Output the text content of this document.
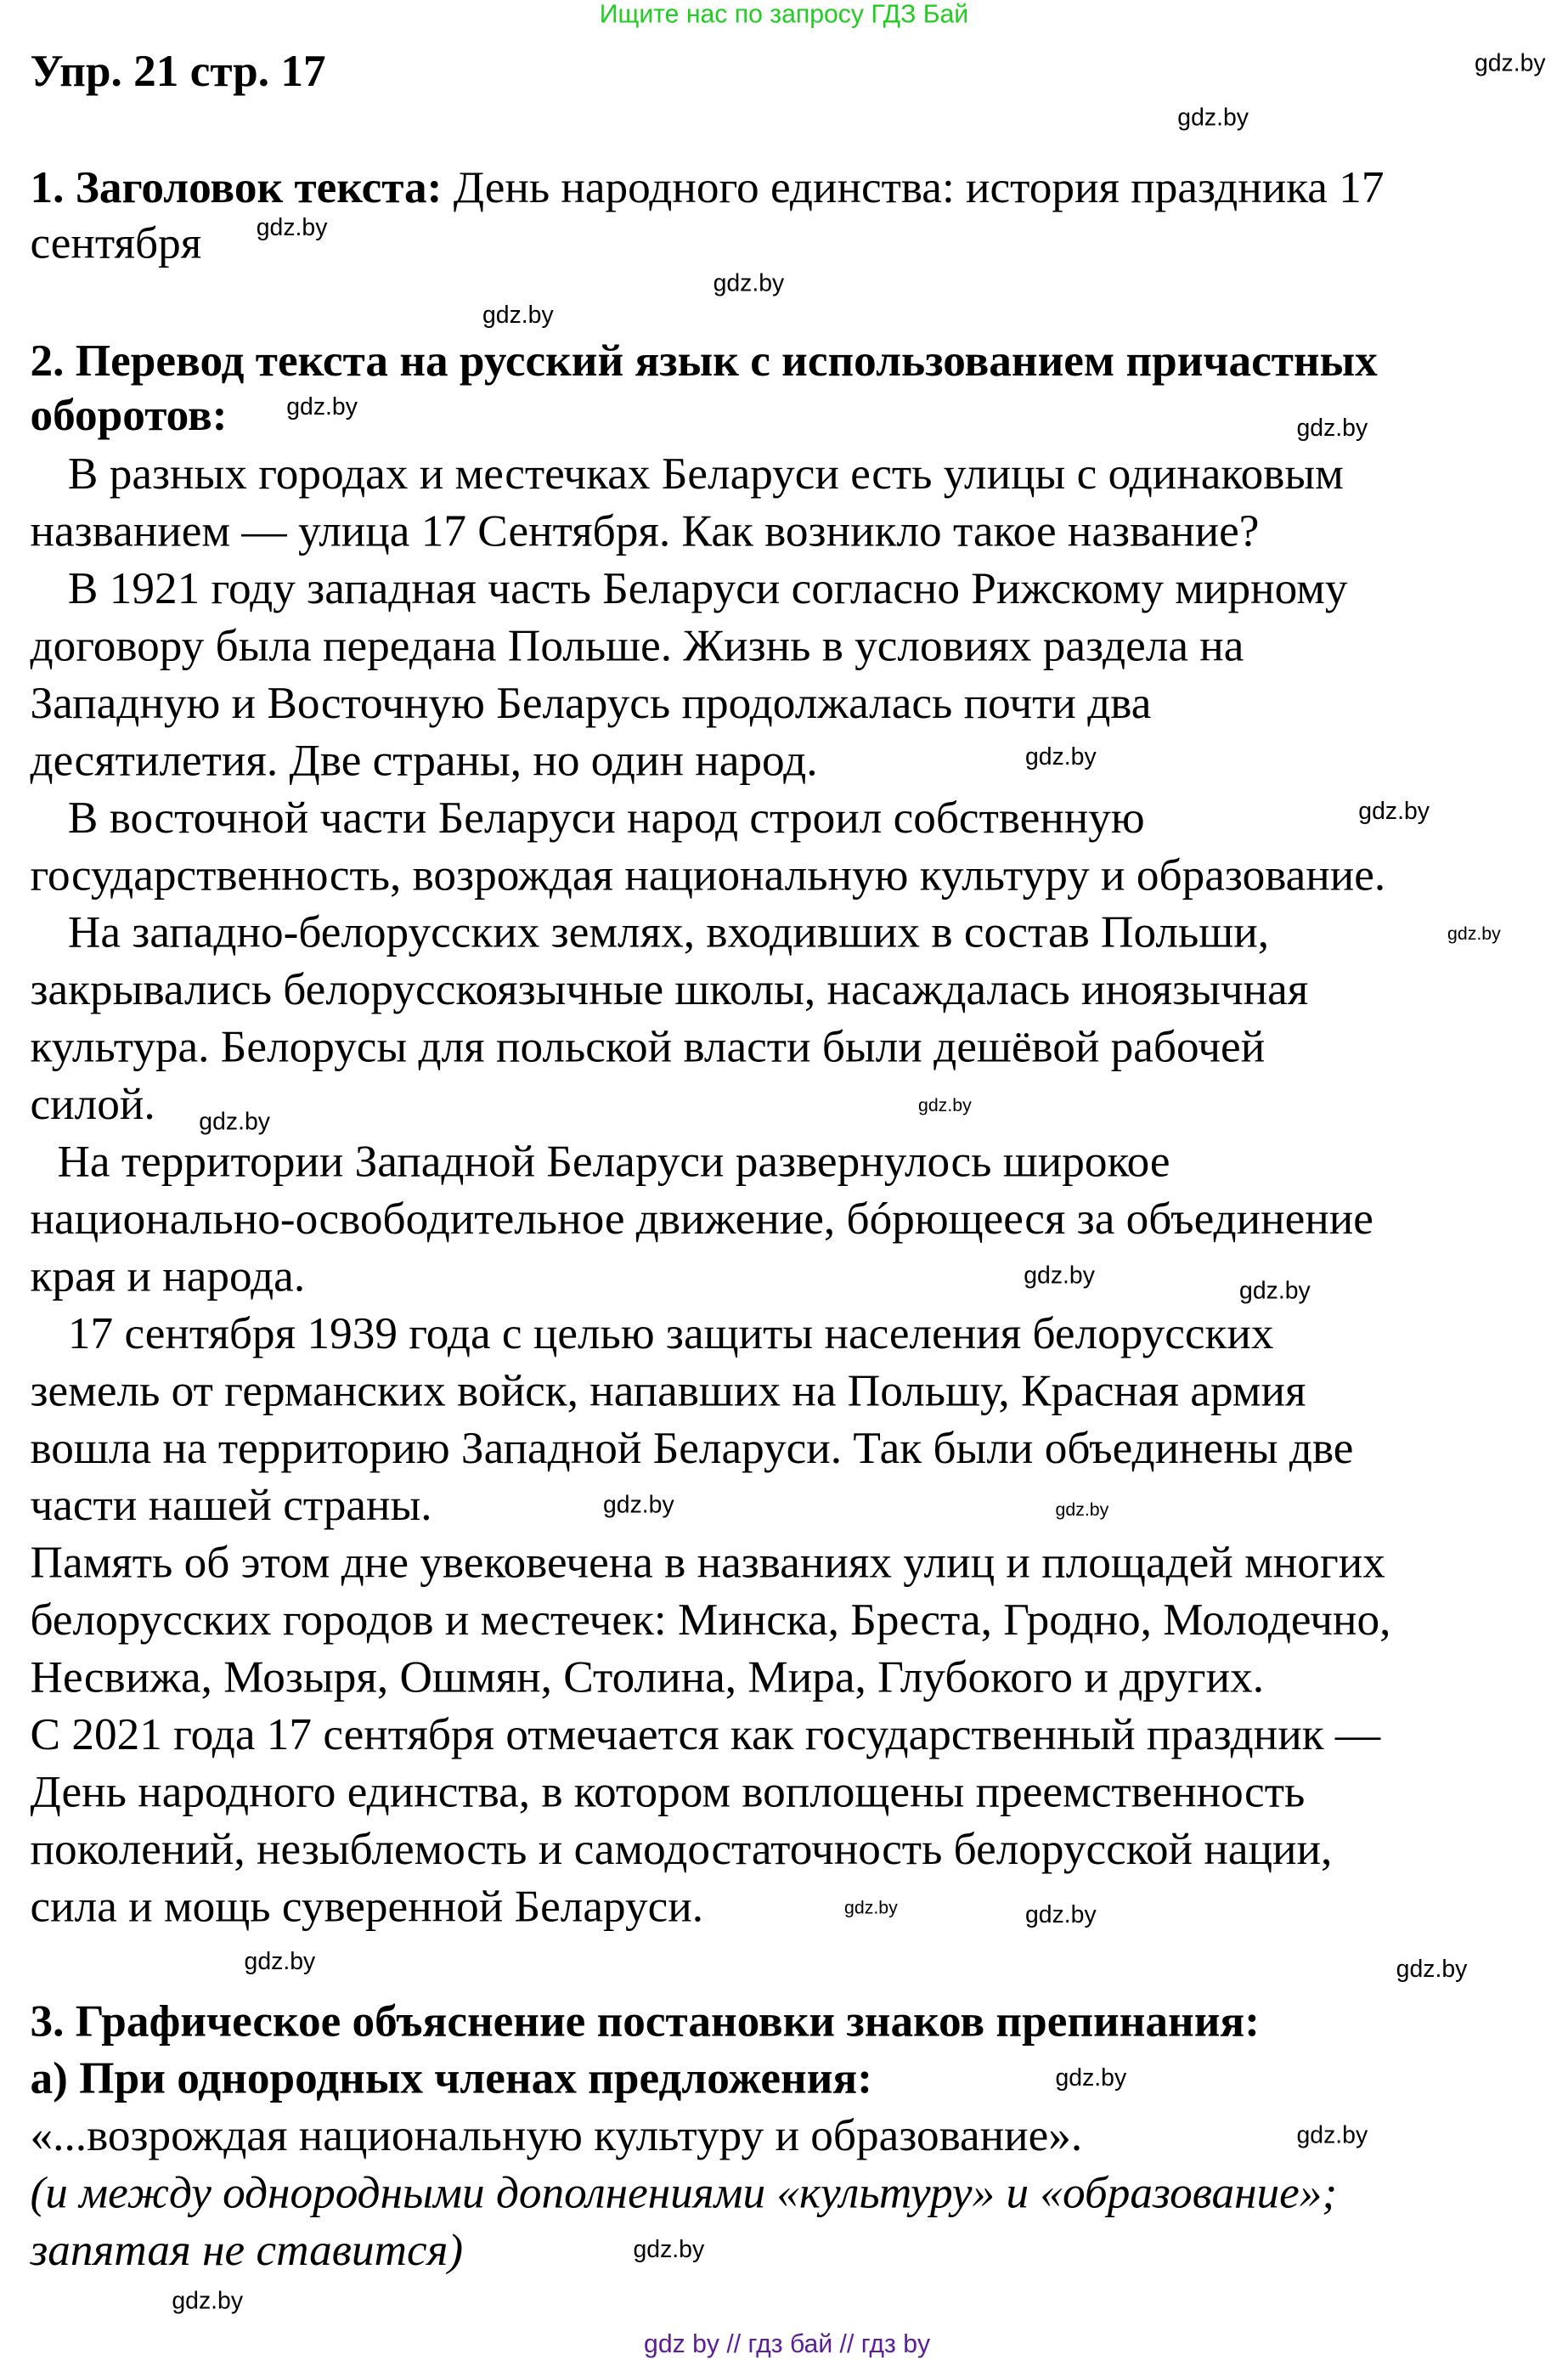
Ищите нас по запросу ГДЗ Бай
Упр. 21 стр. 17
1. Заголовок текста: День народного единства: история праздника 17
сентября
2. Перевод текста на русский язык с использованием причастных
оборотов:
В разных городах и местечках Беларуси есть улицы с одинаковым
названием — улица 17 Сентября. Как возникло такое название?
В 1921 году западная часть Беларуси согласно Рижскому мирному
договору была передана Польше. Жизнь в условиях раздела на
Западную и Восточную Беларусь продолжалась почти два
десятилетия. Две страны, но один народ.
В восточной части Беларуси народ строил собственную
государственность, возрождая национальную культуру и образование.
На западно-белорусских землях, входивших в состав Польши,
закрывались белорусскоязычные школы, насаждалась иноязычная
культура. Белорусы для польской власти были дешёвой рабочей
силой.
На территории Западной Беларуси развернулось широкое
национально-освободительное движение, бóрющееся за объединение
края и народа.
17 сентября 1939 года с целью защиты населения белорусских
земель от германских войск, напавших на Польшу, Красная армия
вошла на территорию Западной Беларуси. Так были объединены две
части нашей страны.
Память об этом дне увековечена в названиях улиц и площадей многих
белорусских городов и местечек: Минска, Бреста, Гродно, Молодечно,
Несвижа, Мозыря, Ошмян, Столина, Мира, Глубокого и других.
С 2021 года 17 сентября отмечается как государственный праздник —
День народного единства, в котором воплощены преемственность
поколений, незыблемость и самодостаточность белорусской нации,
сила и мощь суверенной Беларуси.
3. Графическое объяснение постановки знаков препинания:
а) При однородных членах предложения:
«...возрождая национальную культуру и образование».
(и между однородными дополнениями «культуру» и «образование»;
запятая не ставится)
gdz.by
gdz.by
gdz.by
gdz.by
gdz.by
gdz.by
gdz.by
gdz.by
gdz.by
gdz.by
gdz.by
gdz.by
gdz.by
gdz.by
gdz.by
gdz.by
gdz.by	gdz.by
gdz.by	gdz.by
gdz.by
gdz.by
gdz.by
gdz.by
gdz by // гдз бай // гдз by
